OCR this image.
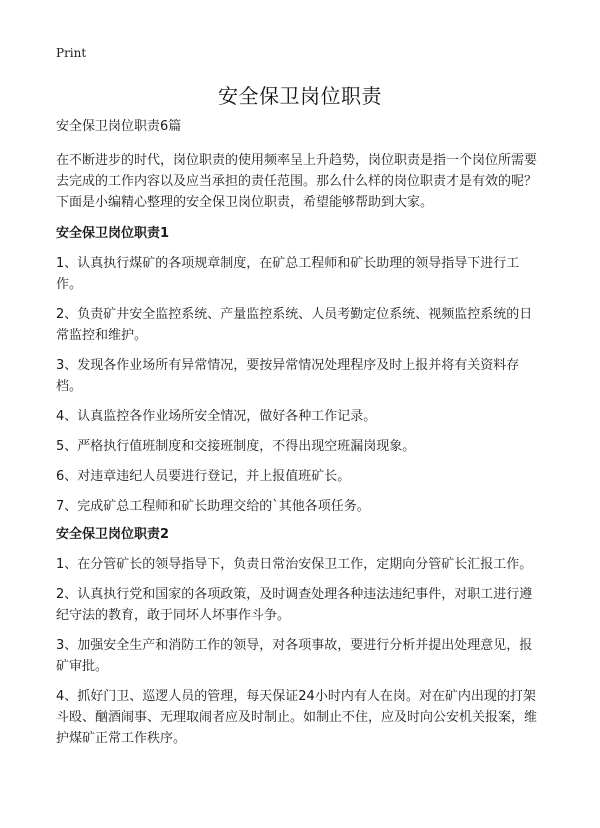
Print
安全保卫岗位职责

安全保卫岗位职责6篇

在不断进步的时代，岗位职责的使用频率呈上升趋势，岗位职责是指一个岗位所需要去完成的工作内容以及应当承担的责任范围。那么什么样的岗位职责才是有效的呢？下面是小编精心整理的安全保卫岗位职责，希望能够帮助到大家。

安全保卫岗位职责1

1、认真执行煤矿的各项规章制度，在矿总工程师和矿长助理的领导指导下进行工作。

2、负责矿井安全监控系统、产量监控系统、人员考勤定位系统、视频监控系统的日常监控和维护。

3、发现各作业场所有异常情况，要按异常情况处理程序及时上报并将有关资料存档。

4、认真监控各作业场所安全情况，做好各种工作记录。

5、严格执行值班制度和交接班制度，不得出现空班漏岗现象。

6、对违章违纪人员要进行登记，并上报值班矿长。

7、完成矿总工程师和矿长助理交给的`其他各项任务。

安全保卫岗位职责2

1、在分管矿长的领导指导下，负责日常治安保卫工作，定期向分管矿长汇报工作。

2、认真执行党和国家的各项政策，及时调查处理各种违法违纪事件，对职工进行遵纪守法的教育，敢于同坏人坏事作斗争。

3、加强安全生产和消防工作的领导，对各项事故，要进行分析并提出处理意见，报矿审批。

4、抓好门卫、巡逻人员的管理，每天保证24小时内有人在岗。对在矿内出现的打架斗殴、酗酒闹事、无理取闹者应及时制止。如制止不住，应及时向公安机关报案，维护煤矿正常工作秩序。
